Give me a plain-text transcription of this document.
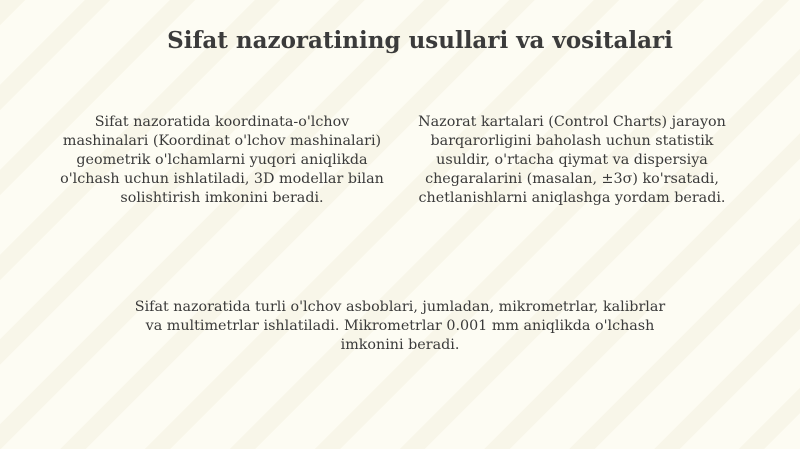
Sifat nazoratining usullari va vositalari

Sifat nazoratida koordinata-o'lchov mashinalari (Koordinat o'lchov mashinalari) geometrik o'lchamlarni yuqori aniqlikda o'lchash uchun ishlatiladi, 3D modellar bilan solishtirish imkonini beradi.

Nazorat kartalari (Control Charts) jarayon barqarorligini baholash uchun statistik usuldir, o'rtacha qiymat va dispersiya chegaralarini (masalan, ±3σ) ko'rsatadi, chetlanishlarni aniqlashga yordam beradi.

Sifat nazoratida turli o'lchov asboblari, jumladan, mikrometrlar, kalibrlar va multimetrlar ishlatiladi. Mikrometrlar 0.001 mm aniqlikda o'lchash imkonini beradi.
